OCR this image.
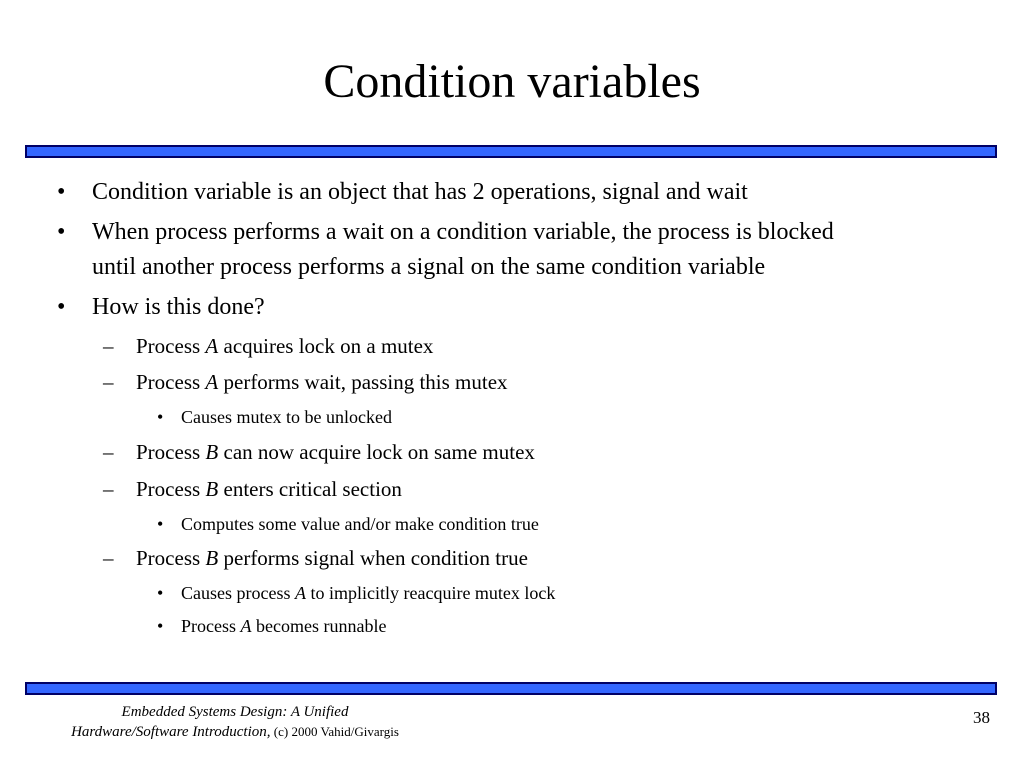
Condition variables
• Condition variable is an object that has 2 operations, signal and wait

• When process performs a wait on a condition variable, the process is blocked

until another process performs a signal on the same condition variable

• How is this done?

– Process A acquires lock on a mutex

– Process A performs wait, passing this mutex

• Causes mutex to be unlocked

– Process B can now acquire lock on same mutex

– Process B enters critical section

• Computes some value and/or make condition true

– Process B performs signal when condition true

• Causes process A to implicitly reacquire mutex lock

• Process A becomes runnable

Embedded Systems Design: A Unified
Hardware/Software Introduction, (c) 2000 Vahid/Givargis
38
